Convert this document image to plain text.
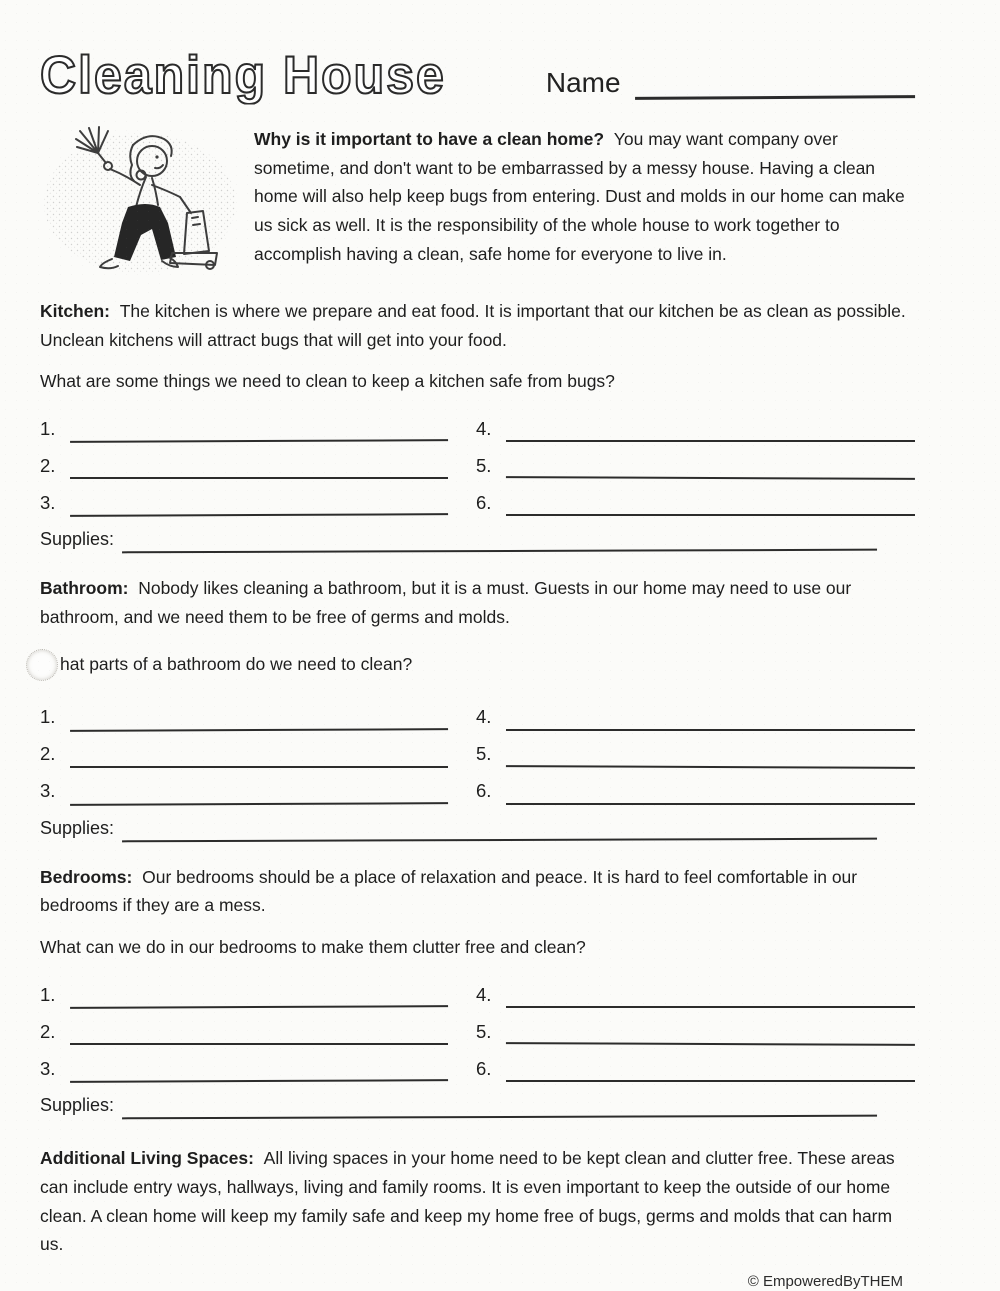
Cleaning House	Name

Why is it important to have a clean home? You may want company over sometime, and don't want to be embarrassed by a messy house. Having a clean home will also help keep bugs from entering. Dust and molds in our home can make us sick as well. It is the responsibility of the whole house to work together to accomplish having a clean, safe home for everyone to live in.

Kitchen: The kitchen is where we prepare and eat food. It is important that our kitchen be as clean as possible. Unclean kitchens will attract bugs that will get into your food.

What are some things we need to clean to keep a kitchen safe from bugs?
1.	4.
2.	5.
3.	6.
Supplies:

Bathroom: Nobody likes cleaning a bathroom, but it is a must. Guests in our home may need to use our bathroom, and we need them to be free of germs and molds.

hat parts of a bathroom do we need to clean?
1.	4.
2.	5.
3.	6.
Supplies:

Bedrooms: Our bedrooms should be a place of relaxation and peace. It is hard to feel comfortable in our bedrooms if they are a mess.

What can we do in our bedrooms to make them clutter free and clean?
1.	4.
2.	5.
3.	6.
Supplies:

Additional Living Spaces: All living spaces in your home need to be kept clean and clutter free. These areas can include entry ways, hallways, living and family rooms. It is even important to keep the outside of our home clean. A clean home will keep my family safe and keep my home free of bugs, germs and molds that can harm us.

© EmpoweredByTHEM
